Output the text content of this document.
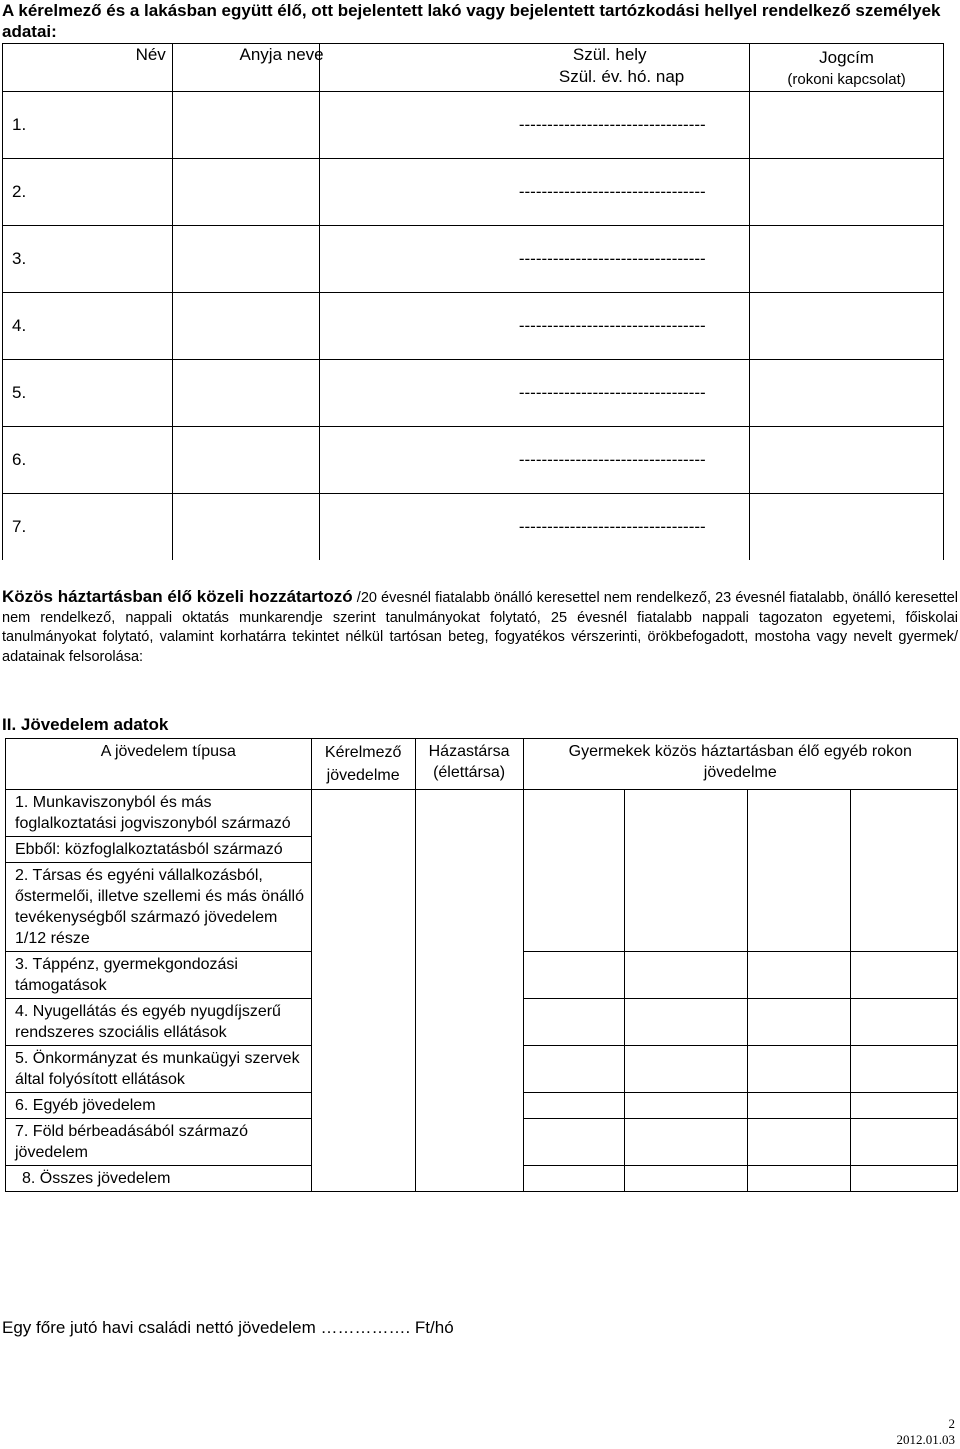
A kérelmező és a lakásban együtt élő, ott bejelentett lakó vagy bejelentett tartózkodási hellyel rendelkező személyek adatai:
Név	Anyja neve		Szül. hely
Szül. év. hó. nap	Jogcím
(rokoni kapcsolat)

1.			---------------------------------	
2.			---------------------------------	
3.			---------------------------------	
4.			---------------------------------	
5.			---------------------------------	
6.			---------------------------------	
7.			---------------------------------	
Közös háztartásban élő közeli hozzátartozó /20 évesnél fiatalabb önálló keresettel nem rendelkező, 23 évesnél fiatalabb, önálló keresettel nem rendelkező, nappali oktatás munkarendje szerint tanulmányokat folytató, 25 évesnél fiatalabb nappali tagozaton egyetemi, főiskolai tanulmányokat folytató, valamint korhatárra tekintet nélkül tartósan beteg, fogyatékos vérszerinti, örökbefogadott, mostoha vagy nevelt gyermek/ adatainak felsorolása:
II. Jövedelem adatok
A jövedelem típusa	Kérelmező jövedelme	Házastársa (élettársa)	Gyermekek közös háztartásban élő egyéb rokon jövedelme			
1. Munkaviszonyból és más foglalkoztatási jogviszonyból származó						
Ebből: közfoglalkoztatásból származó						
2. Társas és egyéni vállalkozásból, őstermelői, illetve szellemi és más önálló tevékenységből származó jövedelem 1/12 része						
3. Táppénz, gyermekgondozási támogatások						
4. Nyugellátás és egyéb nyugdíjszerű rendszeres szociális ellátások						
5. Önkormányzat és munkaügyi szervek által folyósított ellátások						
6. Egyéb jövedelem						
7. Föld bérbeadásából származó jövedelem						
8. Összes jövedelem						
Egy főre jutó havi családi nettó jövedelem ……………. Ft/hó
2
2012.01.03
